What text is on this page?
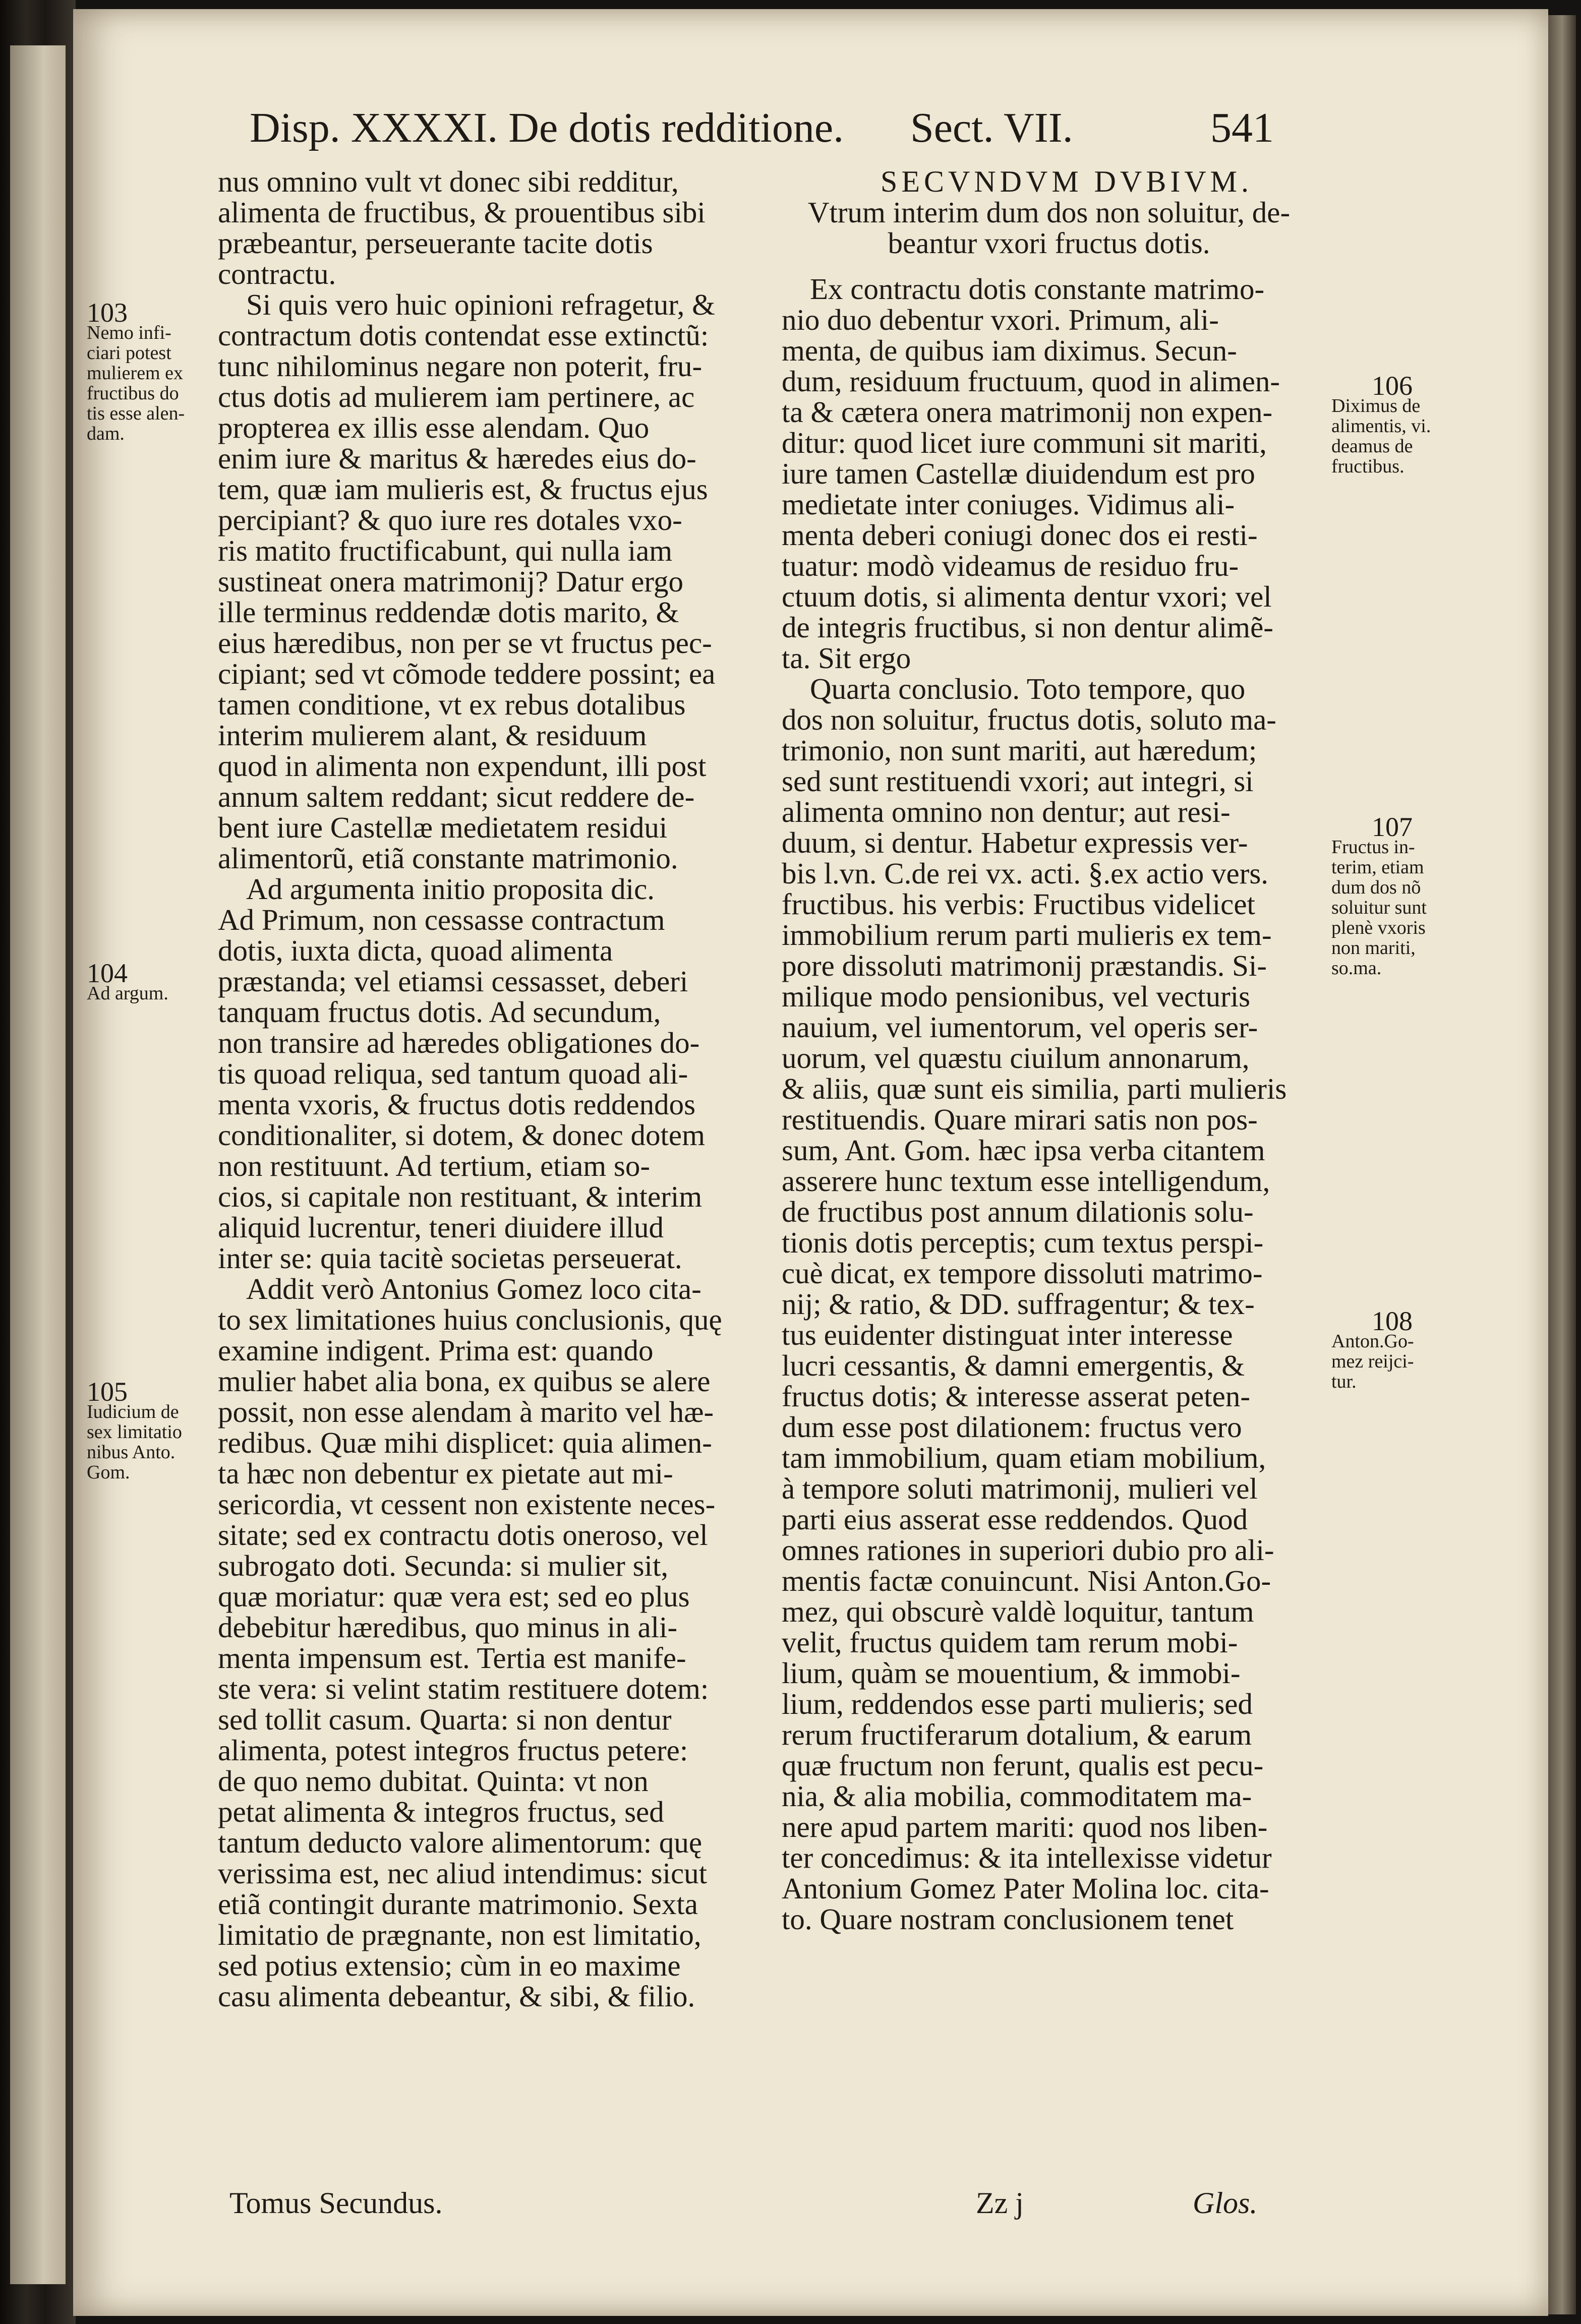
Disp. XXXXI. De dotis redditione. Sect. VII.	541
nus omnino vult vt donec sibi redditur,
alimenta de fructibus, & prouentibus sibi
præbeantur, perseuerante tacite dotis
contractu.
Si quis vero huic opinioni refragetur, &
contractum dotis contendat esse extinctũ:
tunc nihilominus negare non poterit, fru-
ctus dotis ad mulierem iam pertinere, ac
propterea ex illis esse alendam. Quo
enim iure & maritus & hæredes eius do-
tem, quæ iam mulieris est, & fructus ejus
percipiant? & quo iure res dotales vxo-
ris matito fructificabunt, qui nulla iam
sustineat onera matrimonij? Datur ergo
ille terminus reddendæ dotis marito, &
eius hæredibus, non per se vt fructus pec-
cipiant; sed vt cõmode teddere possint; ea
tamen conditione, vt ex rebus dotalibus
interim mulierem alant, & residuum
quod in alimenta non expendunt, illi post
annum saltem reddant; sicut reddere de-
bent iure Castellæ medietatem residui
alimentorũ, etiã constante matrimonio.
Ad argumenta initio proposita dic.
Ad Primum, non cessasse contractum
dotis, iuxta dicta, quoad alimenta
præstanda; vel etiamsi cessasset, deberi
tanquam fructus dotis. Ad secundum,
non transire ad hæredes obligationes do-
tis quoad reliqua, sed tantum quoad ali-
menta vxoris, & fructus dotis reddendos
conditionaliter, si dotem, & donec dotem
non restituunt. Ad tertium, etiam so-
cios, si capitale non restituant, & interim
aliquid lucrentur, teneri diuidere illud
inter se: quia tacitè societas perseuerat.
Addit verò Antonius Gomez loco cita-
to sex limitationes huius conclusionis, quę
examine indigent. Prima est: quando
mulier habet alia bona, ex quibus se alere
possit, non esse alendam à marito vel hæ-
redibus. Quæ mihi displicet: quia alimen-
ta hæc non debentur ex pietate aut mi-
sericordia, vt cessent non existente neces-
sitate; sed ex contractu dotis oneroso, vel
subrogato doti. Secunda: si mulier sit,
quæ moriatur: quæ vera est; sed eo plus
debebitur hæredibus, quo minus in ali-
menta impensum est. Tertia est manife-
ste vera: si velint statim restituere dotem:
sed tollit casum. Quarta: si non dentur
alimenta, potest integros fructus petere:
de quo nemo dubitat. Quinta: vt non
petat alimenta & integros fructus, sed
tantum deducto valore alimentorum: quę
verissima est, nec aliud intendimus: sicut
etiã contingit durante matrimonio. Sexta
limitatio de prægnante, non est limitatio,
sed potius extensio; cùm in eo maxime
casu alimenta debeantur, & sibi, & filio.
SECVNDVM DVBIVM.
Vtrum interim dum dos non soluitur, de-
beantur vxori fructus dotis.
Ex contractu dotis constante matrimo-
nio duo debentur vxori. Primum, ali-
menta, de quibus iam diximus. Secun-
dum, residuum fructuum, quod in alimen-
ta & cætera onera matrimonij non expen-
ditur: quod licet iure communi sit mariti,
iure tamen Castellæ diuidendum est pro
medietate inter coniuges. Vidimus ali-
menta deberi coniugi donec dos ei resti-
tuatur: modò videamus de residuo fru-
ctuum dotis, si alimenta dentur vxori; vel
de integris fructibus, si non dentur alimẽ-
ta. Sit ergo
Quarta conclusio. Toto tempore, quo
dos non soluitur, fructus dotis, soluto ma-
trimonio, non sunt mariti, aut hæredum;
sed sunt restituendi vxori; aut integri, si
alimenta omnino non dentur; aut resi-
duum, si dentur. Habetur expressis ver-
bis l.vn. C.de rei vx. acti. §.ex actio vers.
fructibus. his verbis: Fructibus videlicet
immobilium rerum parti mulieris ex tem-
pore dissoluti matrimonij præstandis. Si-
milique modo pensionibus, vel vecturis
nauium, vel iumentorum, vel operis ser-
uorum, vel quæstu ciuilum annonarum,
& aliis, quæ sunt eis similia, parti mulieris
restituendis. Quare mirari satis non pos-
sum, Ant. Gom. hæc ipsa verba citantem
asserere hunc textum esse intelligendum,
de fructibus post annum dilationis solu-
tionis dotis perceptis; cum textus perspi-
cuè dicat, ex tempore dissoluti matrimo-
nij; & ratio, & DD. suffragentur; & tex-
tus euidenter distinguat inter interesse
lucri cessantis, & damni emergentis, &
fructus dotis; & interesse asserat peten-
dum esse post dilationem: fructus vero
tam immobilium, quam etiam mobilium,
à tempore soluti matrimonij, mulieri vel
parti eius asserat esse reddendos. Quod
omnes rationes in superiori dubio pro ali-
mentis factæ conuincunt. Nisi Anton.Go-
mez, qui obscurè valdè loquitur, tantum
velit, fructus quidem tam rerum mobi-
lium, quàm se mouentium, & immobi-
lium, reddendos esse parti mulieris; sed
rerum fructiferarum dotalium, & earum
quæ fructum non ferunt, qualis est pecu-
nia, & alia mobilia, commoditatem ma-
nere apud partem mariti: quod nos liben-
ter concedimus: & ita intellexisse videtur
Antonium Gomez Pater Molina loc. cita-
to. Quare nostram conclusionem tenet
103
Nemo infi-
ciari potest
mulierem ex
fructibus do
tis esse alen-
dam.
104
Ad argum.
105
Iudicium de
sex limitatio
nibus Anto.
Gom.
106
Diximus de
alimentis, vi.
deamus de
fructibus.
107
Fructus in-
terim, etiam
dum dos nõ
soluitur sunt
plenè vxoris
non mariti,
so.ma.
108
Anton.Go-
mez reijci-
tur.
Tomus Secundus.	Zz j	Glos.
